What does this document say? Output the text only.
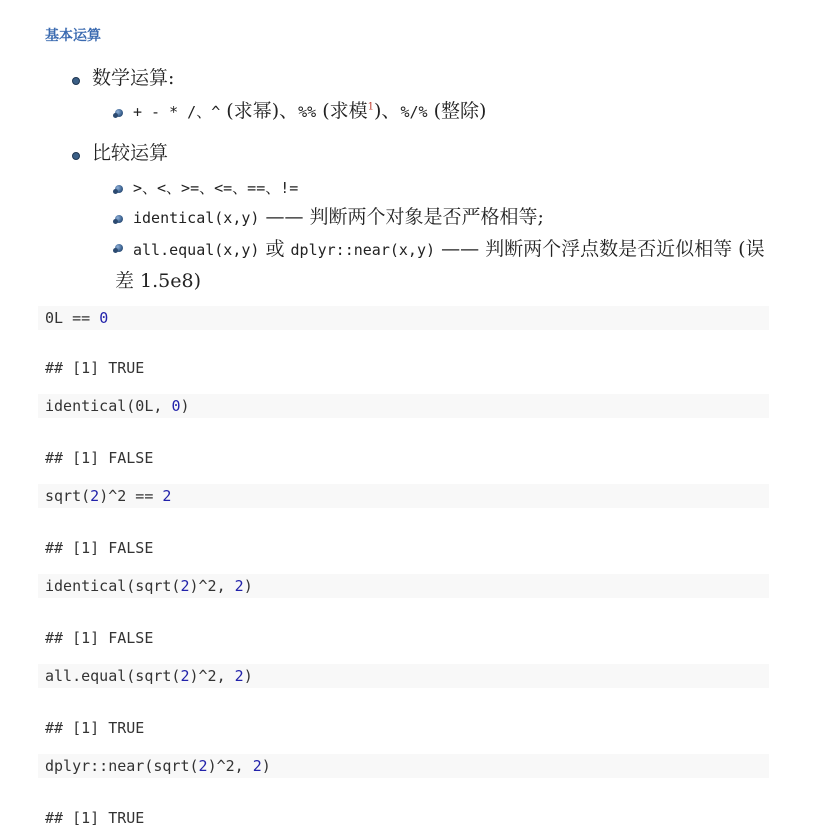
基本运算
数学运算:
+ - * /、^ (求幂)、%% (求模$^1$)、%/% (整除)
比较运算
>、<、>=、<=、==、!=
identical(x,y) —— 判断两个对象是否严格相等;
all.equal(x,y) 或 dplyr::near(x,y) —— 判断两个浮点数是否近似相等 (误差 1.5e8)
0L == 0
## [1] TRUE
identical(0L, 0)
## [1] FALSE
sqrt(2)^2 == 2
## [1] FALSE
identical(sqrt(2)^2, 2)
## [1] FALSE
all.equal(sqrt(2)^2, 2)
## [1] TRUE
dplyr::near(sqrt(2)^2, 2)
## [1] TRUE
